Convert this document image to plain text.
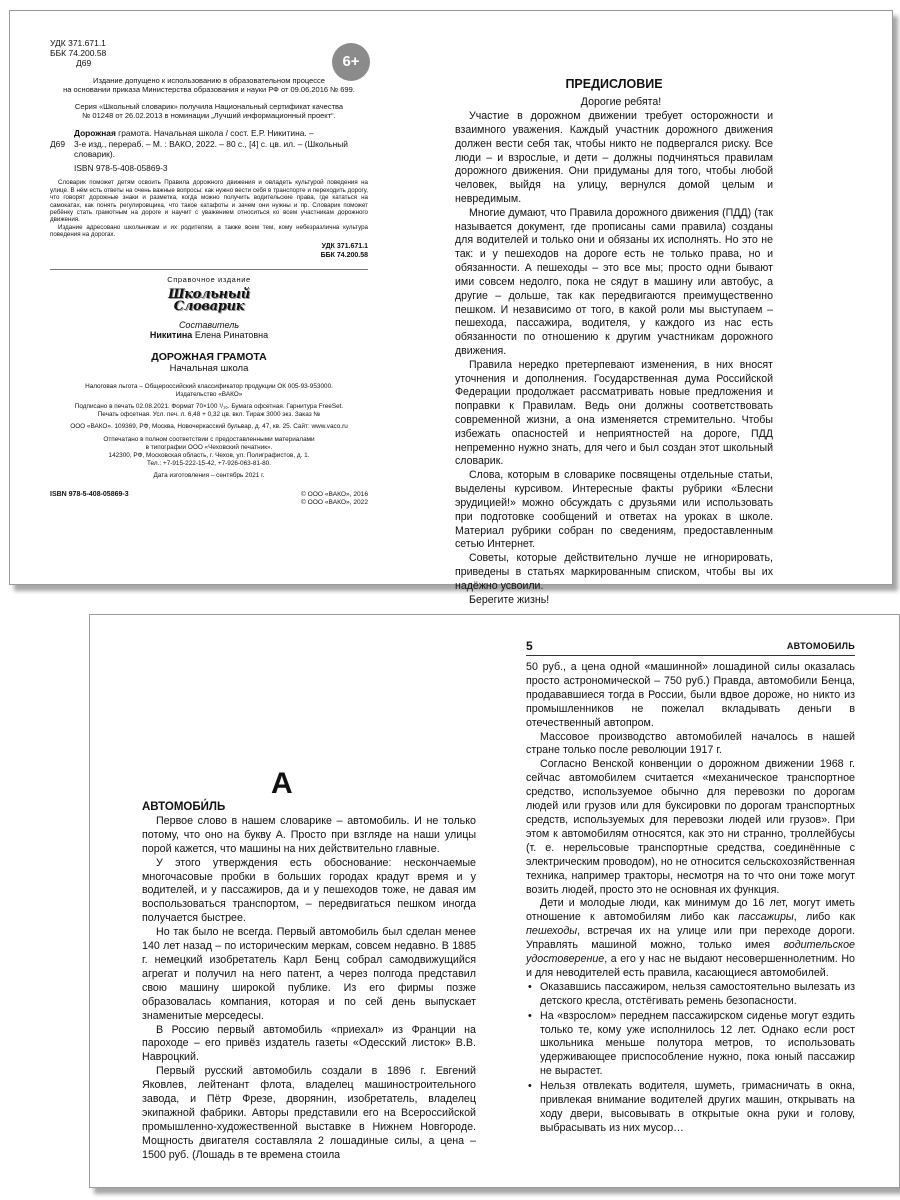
УДК 371.671.1
ББК 74.200.58
Д69	6+

Издание допущено к использованию в образовательном процессе

на основании приказа Министерства образования и науки РФ от 09.06.2016 № 699.

Серия «Школьный словарик» получила Национальный сертификат качества

№ 01248 от 26.02.2013 в номинации „Лучший информационный проект“.

Дорожная грамота. Начальная школа / сост. Е.Р. Никитина. –
Д69	3-е изд., перераб. – М. : ВАКО, 2022. – 80 с., [4] с. цв. ил. – (Школьный словарик).
ISBN 978-5-408-05869-3

Словарик поможет детям освоить Правила дорожного движения и овладеть культурой поведения на улице. В нём есть ответы на очень важные вопросы: как нужно вести себя в транспорте и переходить дорогу, что говорят дорожные знаки и разметка, когда можно получить водительские права, где кататься на самокатах, как понять регулировщика, что такое катафоты и зачем они нужны и пр. Словарик поможет ребёнку стать грамотным на дороге и научит с уважением относиться ко всем участникам дорожного движения.

Издание адресовано школьникам и их родителям, а также всем тем, кому небезразлична культура поведения на дорогах.

УДК 371.671.1
ББК 74.200.58
Справочное издание
Школьный
Словарик
Составитель
Никитина Елена Ринатовна
ДОРОЖНАЯ ГРАМОТА
Начальная школа

Налоговая льгота – Общероссийский классификатор продукции ОК 005-93-953000.

Издательство «ВАКО»

Подписано в печать 02.08.2021. Формат 70×100 ¹/₁₆. Бумага офсетная. Гарнитура FreeSet.

Печать офсетная. Усл. печ. л. 6,48 + 0,32 цв. вкл. Тираж 3000 экз. Заказ №

ООО «ВАКО». 109369, РФ, Москва, Новочеркасский бульвар, д. 47, кв. 25. Сайт: www.vaco.ru

Отпечатано в полном соответствии с предоставленными материалами

в типографии ООО «Чеховский печатник».

142300, РФ, Московская область, г. Чехов, ул. Полиграфистов, д. 1.

Тел.: +7-915-222-15-42, +7-926-063-81-80.

Дата изготовления – сентябрь 2021 г.

ISBN 978-5-408-05869-3	© ООО «ВАКО», 2016
© ООО «ВАКО», 2022
ПРЕДИСЛОВИЕ

Дорогие ребята!

Участие в дорожном движении требует осторожности и взаимного уважения. Каждый участник дорожного движения должен вести себя так, чтобы никто не подвергался риску. Все люди – и взрослые, и дети – должны подчиняться правилам дорожного движения. Они придуманы для того, чтобы любой человек, выйдя на улицу, вернулся домой целым и невредимым.

Многие думают, что Правила дорожного движения (ПДД) (так называется документ, где прописаны сами правила) созданы для водителей и только они и обязаны их исполнять. Но это не так: и у пешеходов на дороге есть не только права, но и обязанности. А пешеходы – это все мы; просто одни бывают ими совсем недолго, пока не сядут в машину или автобус, а другие – дольше, так как передвигаются преимущественно пешком. И независимо от того, в какой роли мы выступаем – пешехода, пассажира, водителя, у каждого из нас есть обязанности по отношению к другим участникам дорожного движения.

Правила нередко претерпевают изменения, в них вносят уточнения и дополнения. Государственная дума Российской Федерации продолжает рассматривать новые предложения и поправки к Правилам. Ведь они должны соответствовать современной жизни, а она изменяется стремительно. Чтобы избежать опасностей и неприятностей на дороге, ПДД непременно нужно знать, для чего и был создан этот школьный словарик.

Слова, которым в словарике посвящены отдельные статьи, выделены курсивом. Интересные факты рубрики «Блесни эрудицией!» можно обсуждать с друзьями или использовать при подготовке сообщений и ответах на уроках в школе. Материал рубрики собран по сведениям, предоставленным сетью Интернет.

Советы, которые действительно лучше не игнорировать, приведены в статьях маркированным списком, чтобы вы их надёжно усвоили.

Берегите жизнь!

А
АВТОМОБИ́ЛЬ

Первое слово в нашем словарике – автомобиль. И не только потому, что оно на букву А. Просто при взгляде на наши улицы порой кажется, что машины на них действительно главные.

У этого утверждения есть обоснование: нескончаемые многочасовые пробки в больших городах крадут время и у водителей, и у пассажиров, да и у пешеходов тоже, не давая им воспользоваться транспортом, – передвигаться пешком иногда получается быстрее.

Но так было не всегда. Первый автомобиль был сделан менее 140 лет назад – по историческим меркам, совсем недавно. В 1885 г. немецкий изобретатель Карл Бенц собрал самодвижущийся агрегат и получил на него патент, а через полгода представил свою машину широкой публике. Из его фирмы позже образовалась компания, которая и по сей день выпускает знаменитые мерседесы.

В Россию первый автомобиль «приехал» из Франции на пароходе – его привёз издатель газеты «Одесский листок» В.В. Навроцкий.

Первый русский автомобиль создали в 1896 г. Евгений Яковлев, лейтенант флота, владелец машиностроительного завода, и Пётр Фрезе, дворянин, изобретатель, владелец экипажной фабрики. Авторы представили его на Всероссийской промышленно-художественной выставке в Нижнем Новгороде. Мощность двигателя составляла 2 лошадиные силы, а цена – 1500 руб. (Лошадь в те времена стоила

5	АВТОМОБИЛЬ

50 руб., а цена одной «машинной» лошадиной силы оказалась просто астрономической – 750 руб.) Правда, автомобили Бенца, продававшиеся тогда в России, были вдвое дороже, но никто из промышленников не пожелал вкладывать деньги в отечественный автопром.

Массовое производство автомобилей началось в нашей стране только после революции 1917 г.

Согласно Венской конвенции о дорожном движении 1968 г. сейчас автомобилем считается «механическое транспортное средство, используемое обычно для перевозки по дорогам людей или грузов или для буксировки по дорогам транспортных средств, используемых для перевозки людей или грузов». При этом к автомобилям относятся, как это ни странно, троллейбусы (т. е. нерельсовые транспортные средства, соединённые с электрическим проводом), но не относится сельскохозяйственная техника, например тракторы, несмотря на то что они тоже могут возить людей, просто это не основная их функция.

Дети и молодые люди, как минимум до 16 лет, могут иметь отношение к автомобилям либо как пассажиры, либо как пешеходы, встречая их на улице или при переходе дороги. Управлять машиной можно, только имея водительское удостоверение, а его у нас не выдают несовершеннолетним. Но и для неводителей есть правила, касающиеся автомобилей.

• Оказавшись пассажиром, нельзя самостоятельно вылезать из детского кресла, отстёгивать ремень безопасности.
• На «взрослом» переднем пассажирском сиденье могут ездить только те, кому уже исполнилось 12 лет. Однако если рост школьника меньше полутора метров, то использовать удерживающее приспособление нужно, пока юный пассажир не вырастет.
• Нельзя отвлекать водителя, шуметь, гримасничать в окна, привлекая внимание водителей других машин, открывать на ходу двери, высовывать в открытые окна руки и голову, выбрасывать из них мусор…
